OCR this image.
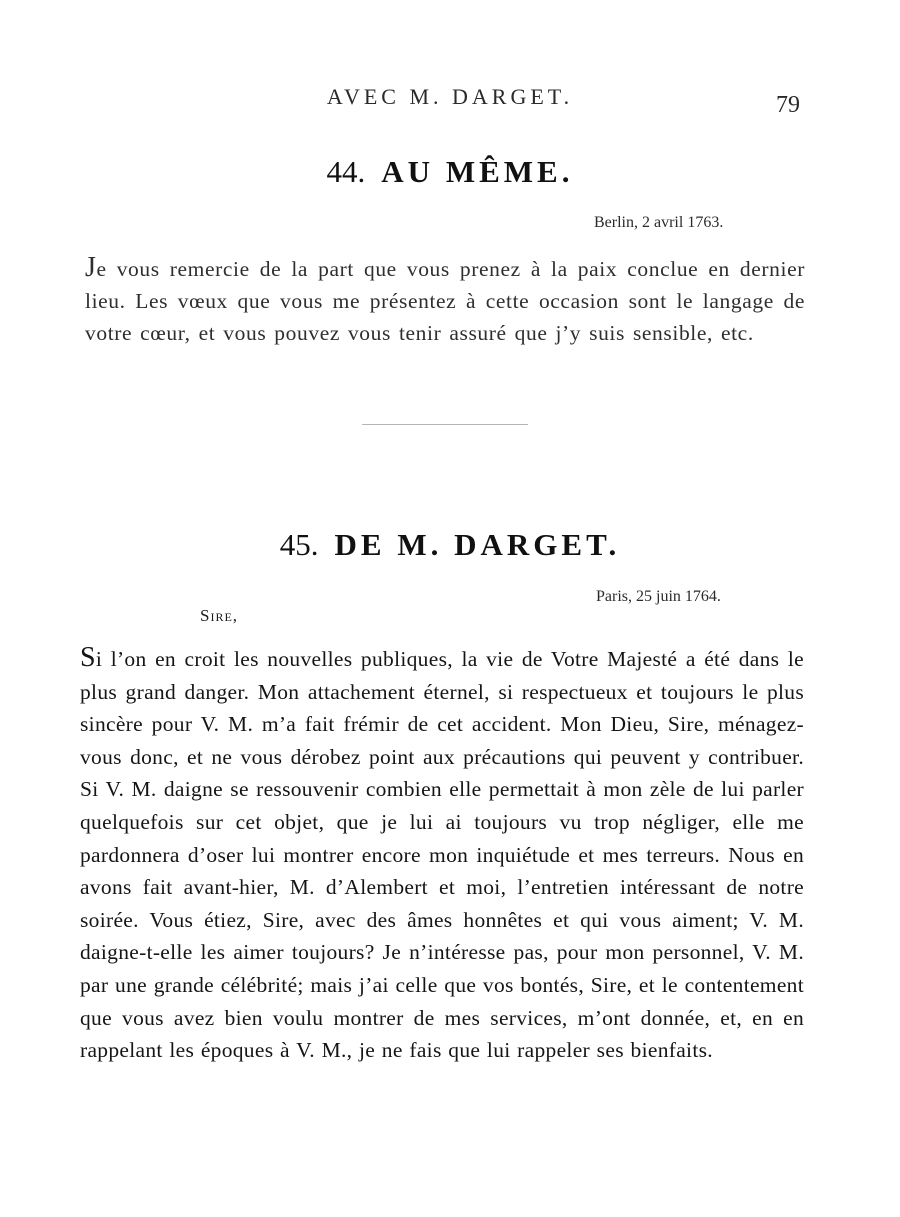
AVEC M. DARGET.	79
44. AU MÊME.
Berlin, 2 avril 1763.
Je vous remercie de la part que vous prenez à la paix conclue en dernier lieu. Les vœux que vous me présentez à cette occasion sont le langage de votre cœur, et vous pouvez vous tenir assuré que j’y suis sensible, etc.
45. DE M. DARGET.
Paris, 25 juin 1764.
Sire,
Si l’on en croit les nouvelles publiques, la vie de Votre Majesté a été dans le plus grand danger. Mon attachement éternel, si respectueux et toujours le plus sincère pour V. M. m’a fait frémir de cet accident. Mon Dieu, Sire, ménagez-vous donc, et ne vous dérobez point aux précautions qui peuvent y contribuer. Si V. M. daigne se ressouvenir combien elle permettait à mon zèle de lui parler quelquefois sur cet objet, que je lui ai toujours vu trop négliger, elle me pardonnera d’oser lui montrer encore mon inquiétude et mes terreurs. Nous en avons fait avant-hier, M. d’Alembert et moi, l’entretien intéressant de notre soirée. Vous étiez, Sire, avec des âmes honnêtes et qui vous aiment; V. M. daigne-t-elle les aimer toujours? Je n’intéresse pas, pour mon personnel, V. M. par une grande célébrité; mais j’ai celle que vos bontés, Sire, et le contentement que vous avez bien voulu montrer de mes services, m’ont donnée, et, en en rappelant les époques à V. M., je ne fais que lui rappeler ses bienfaits.
